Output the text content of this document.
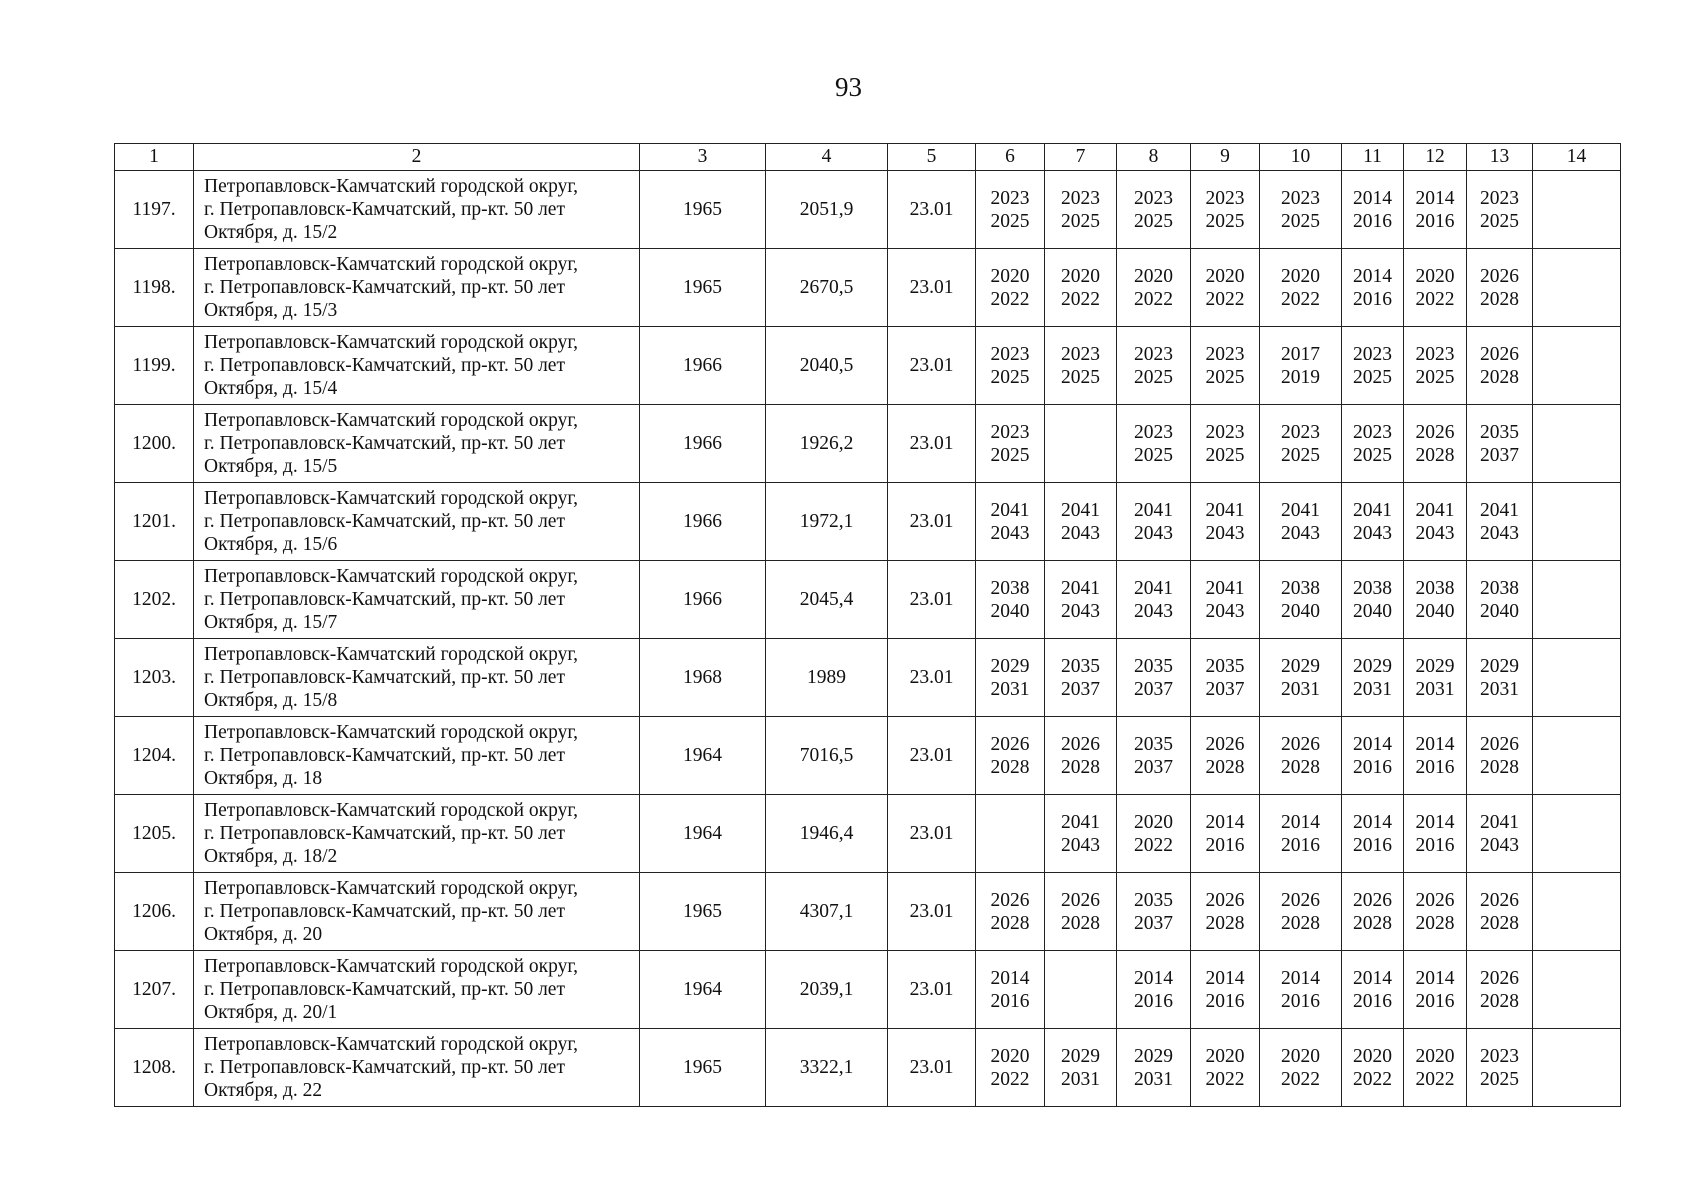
93
1	2	3	4	5	6	7	8	9	10	11	12	13	14
1197.	Петропавловск-Камчатский городской округ,
г. Петропавловск-Камчатский, пр-кт. 50 лет
Октября, д. 15/2	1965	2051,9	23.01	2023
2025	2023
2025	2023
2025	2023
2025	2023
2025	2014
2016	2014
2016	2023
2025	

1198.	Петропавловск-Камчатский городской округ,
г. Петропавловск-Камчатский, пр-кт. 50 лет
Октября, д. 15/3	1965	2670,5	23.01	2020
2022	2020
2022	2020
2022	2020
2022	2020
2022	2014
2016	2020
2022	2026
2028	

1199.	Петропавловск-Камчатский городской округ,
г. Петропавловск-Камчатский, пр-кт. 50 лет
Октября, д. 15/4	1966	2040,5	23.01	2023
2025	2023
2025	2023
2025	2023
2025	2017
2019	2023
2025	2023
2025	2026
2028	

1200.	Петропавловск-Камчатский городской округ,
г. Петропавловск-Камчатский, пр-кт. 50 лет
Октября, д. 15/5	1966	1926,2	23.01	2023
2025		2023
2025	2023
2025	2023
2025	2023
2025	2026
2028	2035
2037	

1201.	Петропавловск-Камчатский городской округ,
г. Петропавловск-Камчатский, пр-кт. 50 лет
Октября, д. 15/6	1966	1972,1	23.01	2041
2043	2041
2043	2041
2043	2041
2043	2041
2043	2041
2043	2041
2043	2041
2043	

1202.	Петропавловск-Камчатский городской округ,
г. Петропавловск-Камчатский, пр-кт. 50 лет
Октября, д. 15/7	1966	2045,4	23.01	2038
2040	2041
2043	2041
2043	2041
2043	2038
2040	2038
2040	2038
2040	2038
2040	

1203.	Петропавловск-Камчатский городской округ,
г. Петропавловск-Камчатский, пр-кт. 50 лет
Октября, д. 15/8	1968	1989	23.01	2029
2031	2035
2037	2035
2037	2035
2037	2029
2031	2029
2031	2029
2031	2029
2031	

1204.	Петропавловск-Камчатский городской округ,
г. Петропавловск-Камчатский, пр-кт. 50 лет
Октября, д. 18	1964	7016,5	23.01	2026
2028	2026
2028	2035
2037	2026
2028	2026
2028	2014
2016	2014
2016	2026
2028	

1205.	Петропавловск-Камчатский городской округ,
г. Петропавловск-Камчатский, пр-кт. 50 лет
Октября, д. 18/2	1964	1946,4	23.01		2041
2043	2020
2022	2014
2016	2014
2016	2014
2016	2014
2016	2041
2043	

1206.	Петропавловск-Камчатский городской округ,
г. Петропавловск-Камчатский, пр-кт. 50 лет
Октября, д. 20	1965	4307,1	23.01	2026
2028	2026
2028	2035
2037	2026
2028	2026
2028	2026
2028	2026
2028	2026
2028	

1207.	Петропавловск-Камчатский городской округ,
г. Петропавловск-Камчатский, пр-кт. 50 лет
Октября, д. 20/1	1964	2039,1	23.01	2014
2016		2014
2016	2014
2016	2014
2016	2014
2016	2014
2016	2026
2028	

1208.	Петропавловск-Камчатский городской округ,
г. Петропавловск-Камчатский, пр-кт. 50 лет
Октября, д. 22	1965	3322,1	23.01	2020
2022	2029
2031	2029
2031	2020
2022	2020
2022	2020
2022	2020
2022	2023
2025	
